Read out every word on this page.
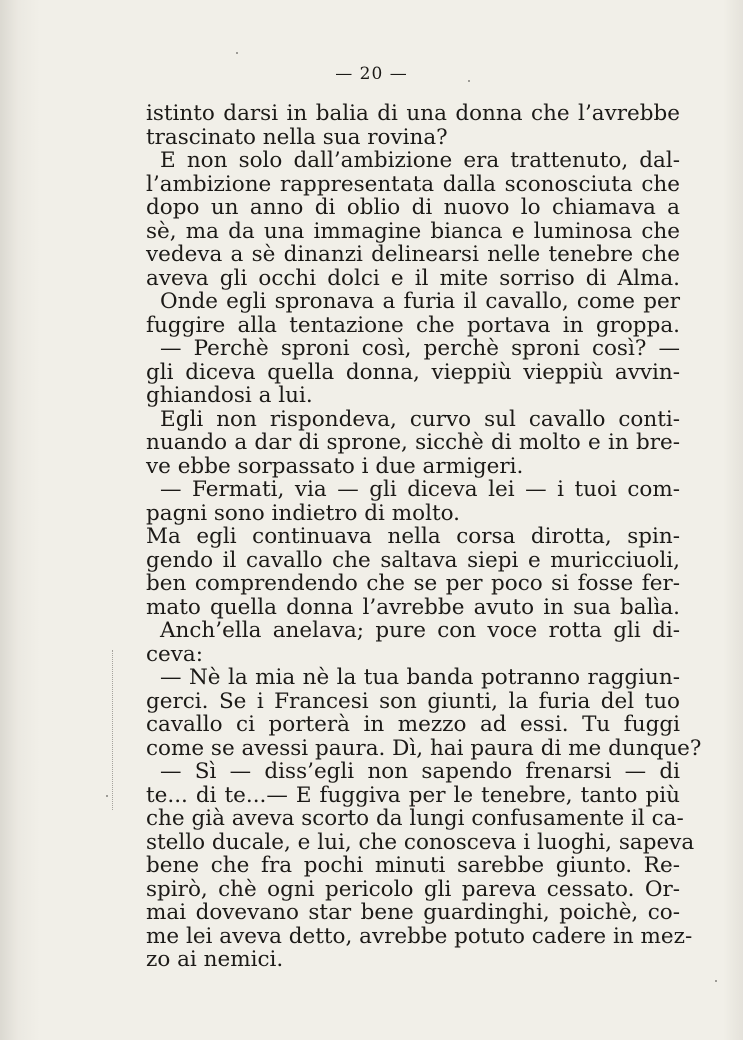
— 20 —
istinto darsi in balia di una donna che l’avrebbe
trascinato nella sua rovina?
E non solo dall’ambizione era trattenuto, dal-
l’ambizione rappresentata dalla sconosciuta che
dopo un anno di oblio di nuovo lo chiamava a
sè, ma da una immagine bianca e luminosa che
vedeva a sè dinanzi delinearsi nelle tenebre che
aveva gli occhi dolci e il mite sorriso di Alma.
Onde egli spronava a furia il cavallo, come per
fuggire alla tentazione che portava in groppa.
— Perchè sproni così, perchè sproni così? —
gli diceva quella donna, vieppiù vieppiù avvin-
ghiandosi a lui.
Egli non rispondeva, curvo sul cavallo conti-
nuando a dar di sprone, sicchè di molto e in bre-
ve ebbe sorpassato i due armigeri.
— Fermati, via — gli diceva lei — i tuoi com-
pagni sono indietro di molto.
Ma egli continuava nella corsa dirotta, spin-
gendo il cavallo che saltava siepi e muricciuoli,
ben comprendendo che se per poco si fosse fer-
mato quella donna l’avrebbe avuto in sua balìa.
Anch’ella anelava; pure con voce rotta gli di-
ceva:
— Nè la mia nè la tua banda potranno raggiun-
gerci. Se i Francesi son giunti, la furia del tuo
cavallo ci porterà in mezzo ad essi. Tu fuggi
come se avessi paura. Dì, hai paura di me dunque?
— Sì — diss’egli non sapendo frenarsi — di
te... di te...— E fuggiva per le tenebre, tanto più
che già aveva scorto da lungi confusamente il ca-
stello ducale, e lui, che conosceva i luoghi, sapeva
bene che fra pochi minuti sarebbe giunto. Re-
spirò, chè ogni pericolo gli pareva cessato. Or-
mai dovevano star bene guardinghi, poichè, co-
me lei aveva detto, avrebbe potuto cadere in mez-
zo ai nemici.
